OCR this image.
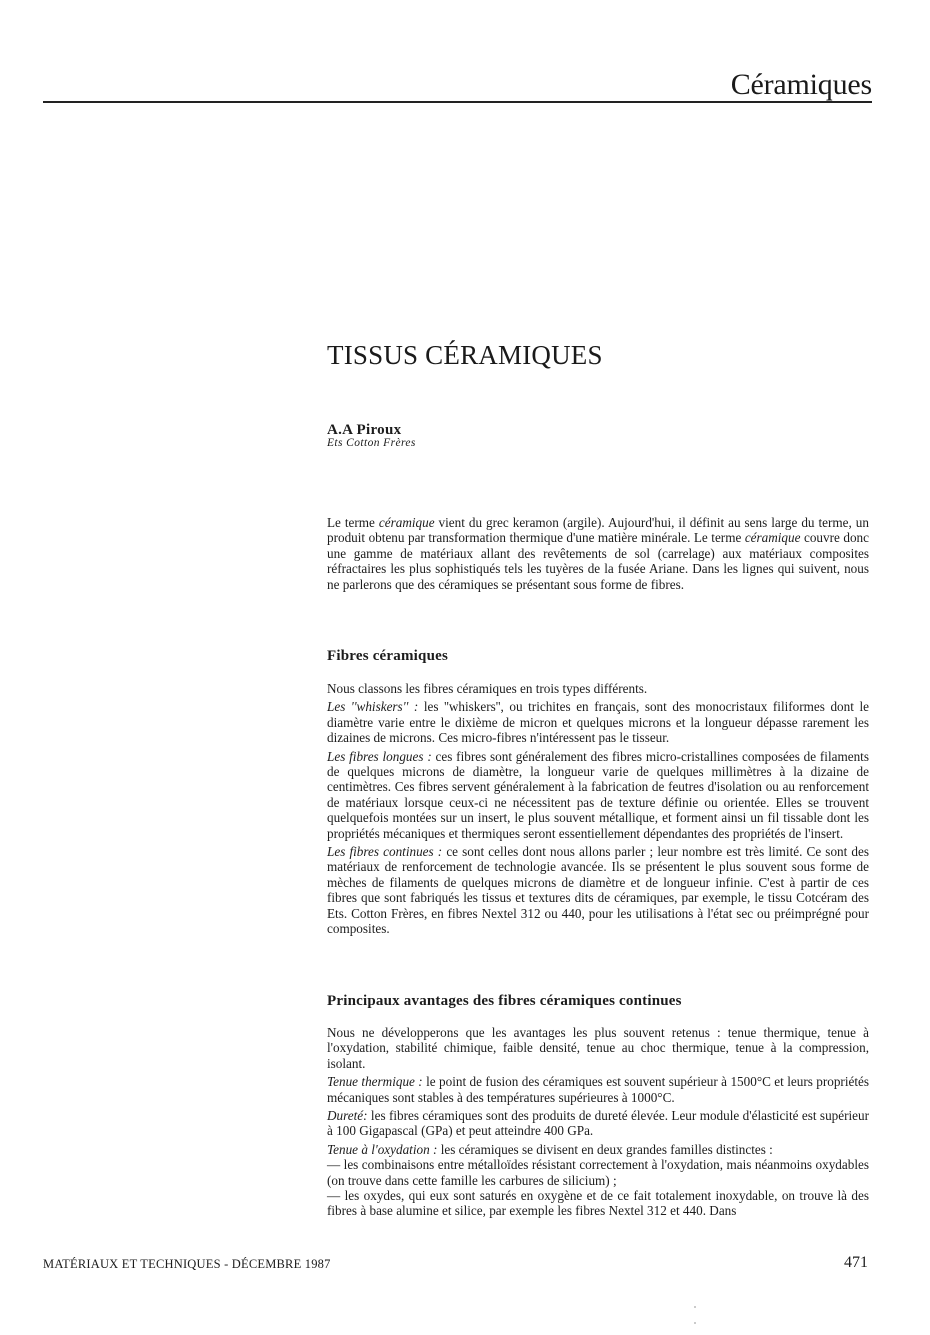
Céramiques
TISSUS CÉRAMIQUES
A.A Piroux
Ets Cotton Frères

Le terme céramique vient du grec keramon (argile). Aujourd'hui, il définit au sens large du terme, un produit obtenu par transformation thermique d'une matière minérale. Le terme céramique couvre donc une gamme de matériaux allant des revêtements de sol (carrelage) aux matériaux composites réfractaires les plus sophistiqués tels les tuyères de la fusée Ariane. Dans les lignes qui suivent, nous ne parlerons que des céramiques se présentant sous forme de fibres.

Fibres céramiques

Nous classons les fibres céramiques en trois types différents.

Les ''whiskers'' : les ''whiskers'', ou trichites en français, sont des monocristaux filiformes dont le diamètre varie entre le dixième de micron et quelques microns et la longueur dépasse rarement les dizaines de microns. Ces micro-fibres n'intéressent pas le tisseur.

Les fibres longues : ces fibres sont généralement des fibres micro-cristallines composées de filaments de quelques microns de diamètre, la longueur varie de quelques millimètres à la dizaine de centimètres. Ces fibres servent généralement à la fabrication de feutres d'isolation ou au renforcement de matériaux lorsque ceux-ci ne nécessitent pas de texture définie ou orientée. Elles se trouvent quelquefois montées sur un insert, le plus souvent métallique, et forment ainsi un fil tissable dont les propriétés mécaniques et thermiques seront essentiellement dépendantes des propriétés de l'insert.

Les fibres continues : ce sont celles dont nous allons parler ; leur nombre est très limité. Ce sont des matériaux de renforcement de technologie avancée. Ils se présentent le plus souvent sous forme de mèches de filaments de quelques microns de diamètre et de longueur infinie. C'est à partir de ces fibres que sont fabriqués les tissus et textures dits de céramiques, par exemple, le tissu Cotcéram des Ets. Cotton Frères, en fibres Nextel 312 ou 440, pour les utilisations à l'état sec ou préimprégné pour composites.

Principaux avantages des fibres céramiques continues

Nous ne développerons que les avantages les plus souvent retenus : tenue thermique, tenue à l'oxydation, stabilité chimique, faible densité, tenue au choc thermique, tenue à la compression, isolant.

Tenue thermique : le point de fusion des céramiques est souvent supérieur à 1500°C et leurs propriétés mécaniques sont stables à des températures supérieures à 1000°C.

Dureté: les fibres céramiques sont des produits de dureté élevée. Leur module d'élasticité est supérieur à 100 Gigapascal (GPa) et peut atteindre 400 GPa.

Tenue à l'oxydation : les céramiques se divisent en deux grandes familles distinctes :
— les combinaisons entre métalloïdes résistant correctement à l'oxydation, mais néanmoins oxydables (on trouve dans cette famille les carbures de silicium) ;
— les oxydes, qui eux sont saturés en oxygène et de ce fait totalement inoxydable, on trouve là des fibres à base alumine et silice, par exemple les fibres Nextel 312 et 440. Dans

MATÉRIAUX ET TECHNIQUES - DÉCEMBRE 1987	471
